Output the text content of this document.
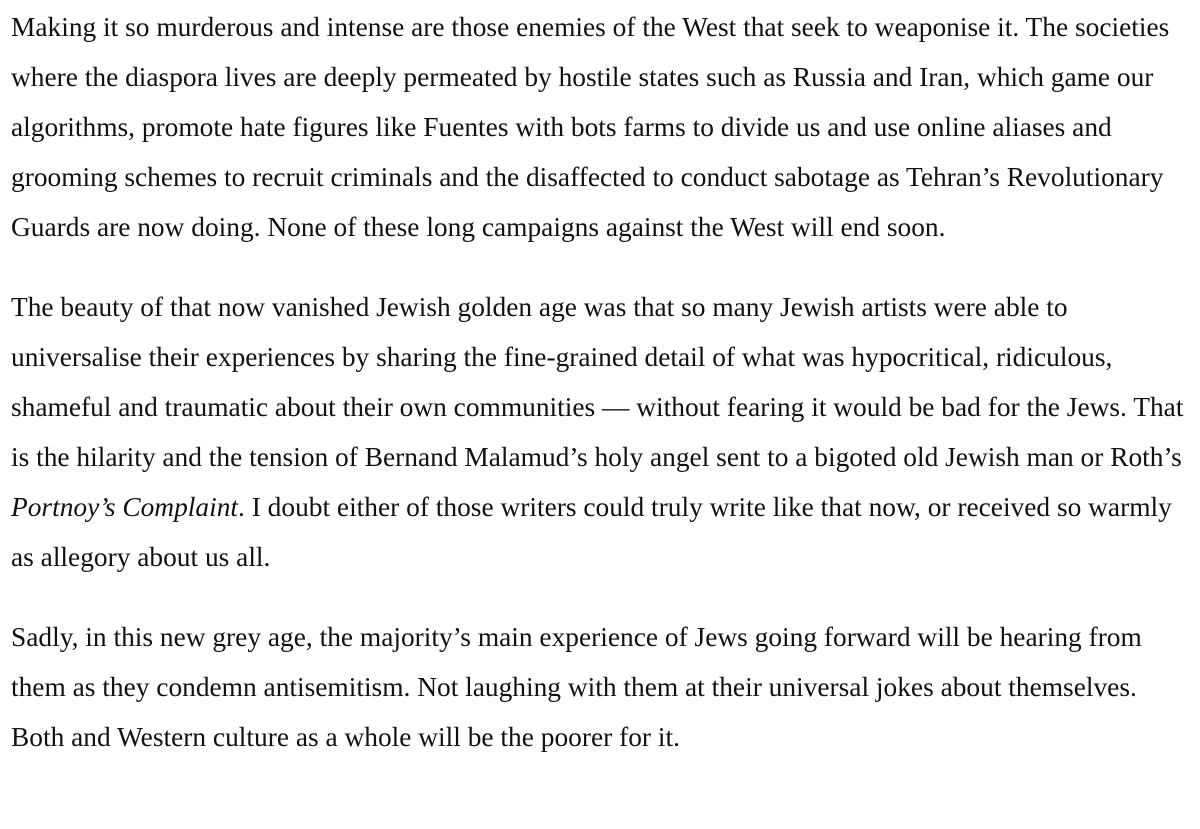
Making it so murderous and intense are those enemies of the West that seek to weaponise it. The societies where the diaspora lives are deeply permeated by hostile states such as Russia and Iran, which game our algorithms, promote hate figures like Fuentes with bots farms to divide us and use online aliases and grooming schemes to recruit criminals and the disaffected to conduct sabotage as Tehran’s Revolutionary Guards are now doing. None of these long campaigns against the West will end soon.

The beauty of that now vanished Jewish golden age was that so many Jewish artists were able to universalise their experiences by sharing the fine-grained detail of what was hypocritical, ridiculous, shameful and traumatic about their own communities — without fearing it would be bad for the Jews. That is the hilarity and the tension of Bernand Malamud’s holy angel sent to a bigoted old Jewish man or Roth’s Portnoy’s Complaint. I doubt either of those writers could truly write like that now, or received so warmly as allegory about us all.

Sadly, in this new grey age, the majority’s main experience of Jews going forward will be hearing from them as they condemn antisemitism. Not laughing with them at their universal jokes about themselves. Both and Western culture as a whole will be the poorer for it.
